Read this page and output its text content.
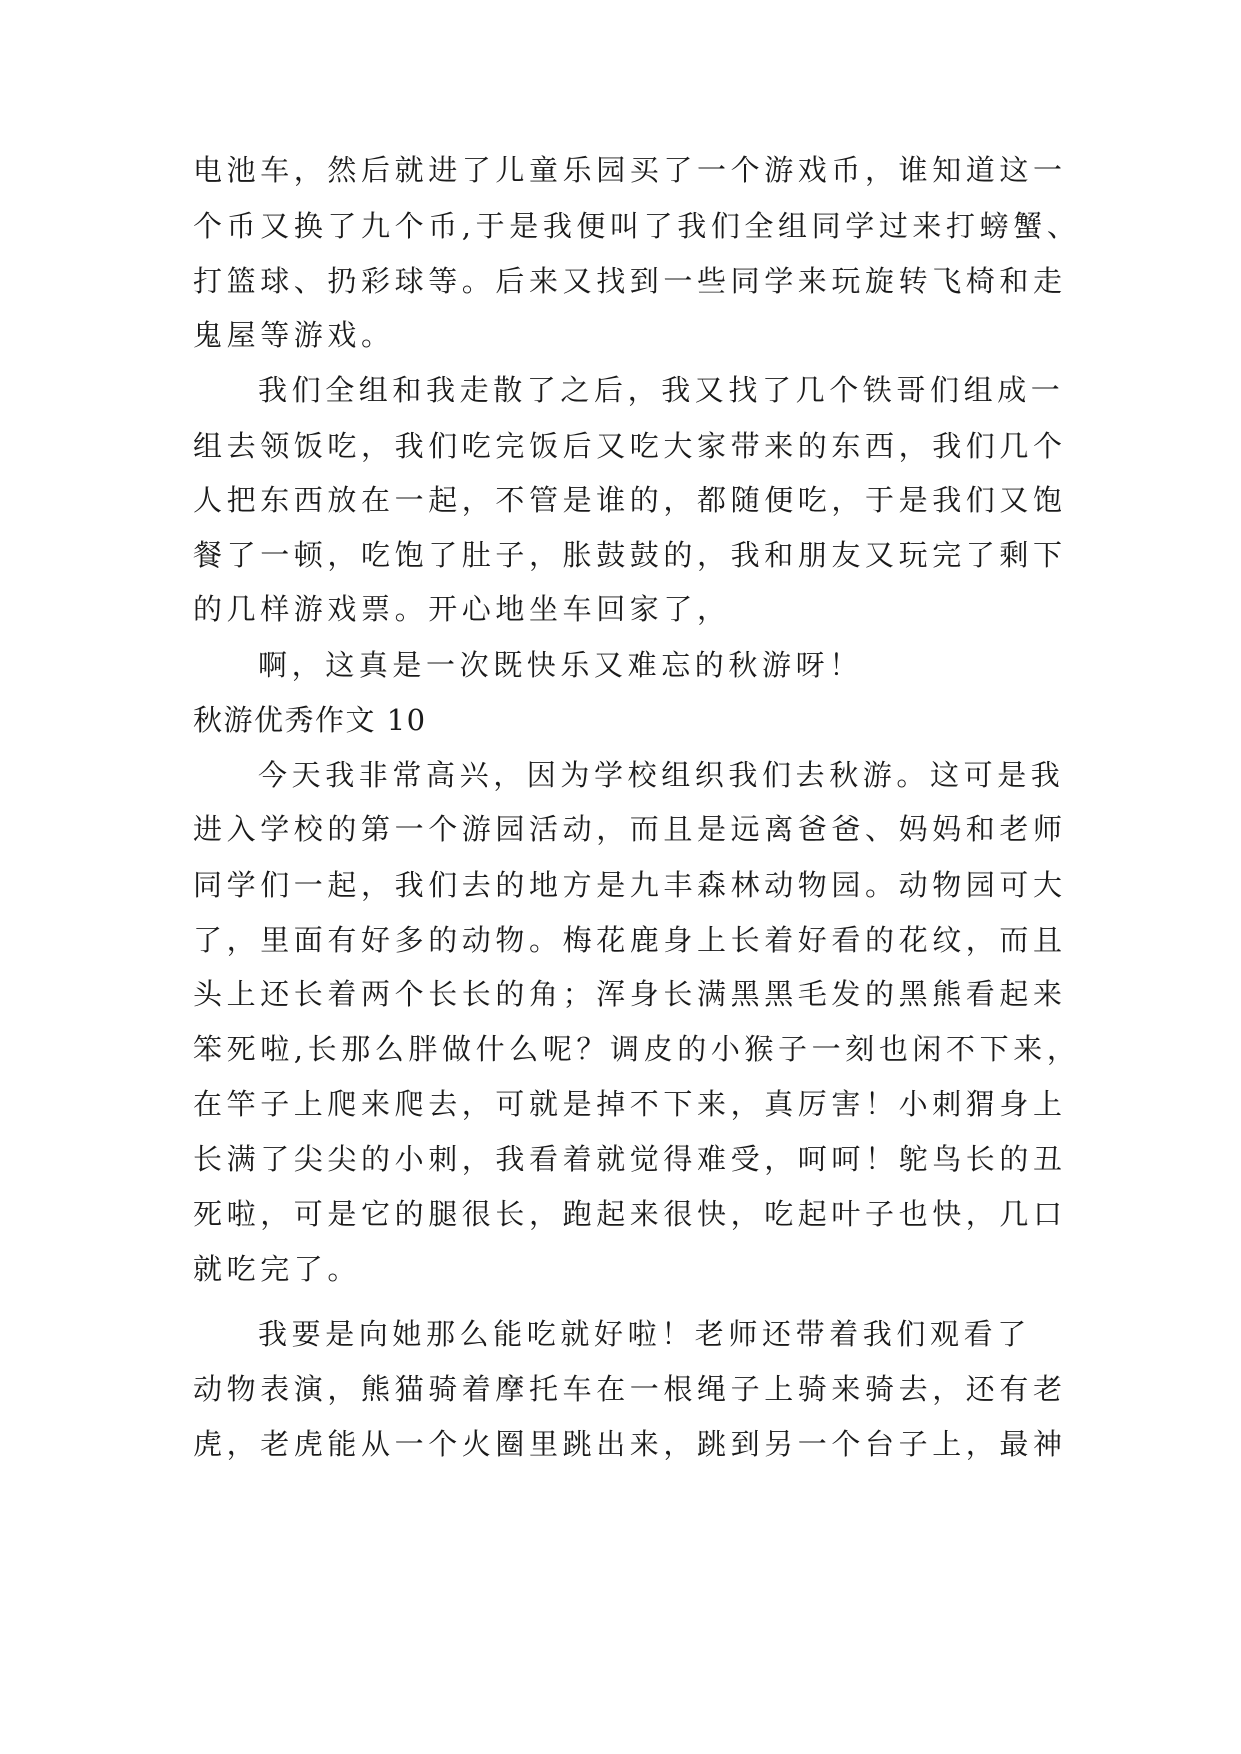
电池车，然后就进了儿童乐园买了一个游戏币，谁知道这一
个币又换了九个币,于是我便叫了我们全组同学过来打螃蟹、
打篮球、扔彩球等。后来又找到一些同学来玩旋转飞椅和走
鬼屋等游戏。
我们全组和我走散了之后，我又找了几个铁哥们组成一
组去领饭吃，我们吃完饭后又吃大家带来的东西，我们几个
人把东西放在一起，不管是谁的，都随便吃，于是我们又饱
餐了一顿，吃饱了肚子，胀鼓鼓的，我和朋友又玩完了剩下
的几样游戏票。开心地坐车回家了，
啊，这真是一次既快乐又难忘的秋游呀！
秋游优秀作文 10
今天我非常高兴，因为学校组织我们去秋游。这可是我
进入学校的第一个游园活动，而且是远离爸爸、妈妈和老师
同学们一起，我们去的地方是九丰森林动物园。动物园可大
了，里面有好多的动物。梅花鹿身上长着好看的花纹，而且
头上还长着两个长长的角；浑身长满黑黑毛发的黑熊看起来
笨死啦,长那么胖做什么呢？调皮的小猴子一刻也闲不下来，
在竿子上爬来爬去，可就是掉不下来，真厉害！小刺猬身上
长满了尖尖的小刺，我看着就觉得难受，呵呵！鸵鸟长的丑
死啦，可是它的腿很长，跑起来很快，吃起叶子也快，几口
就吃完了。
我要是向她那么能吃就好啦！老师还带着我们观看了
动物表演，熊猫骑着摩托车在一根绳子上骑来骑去，还有老
虎，老虎能从一个火圈里跳出来，跳到另一个台子上，最神
